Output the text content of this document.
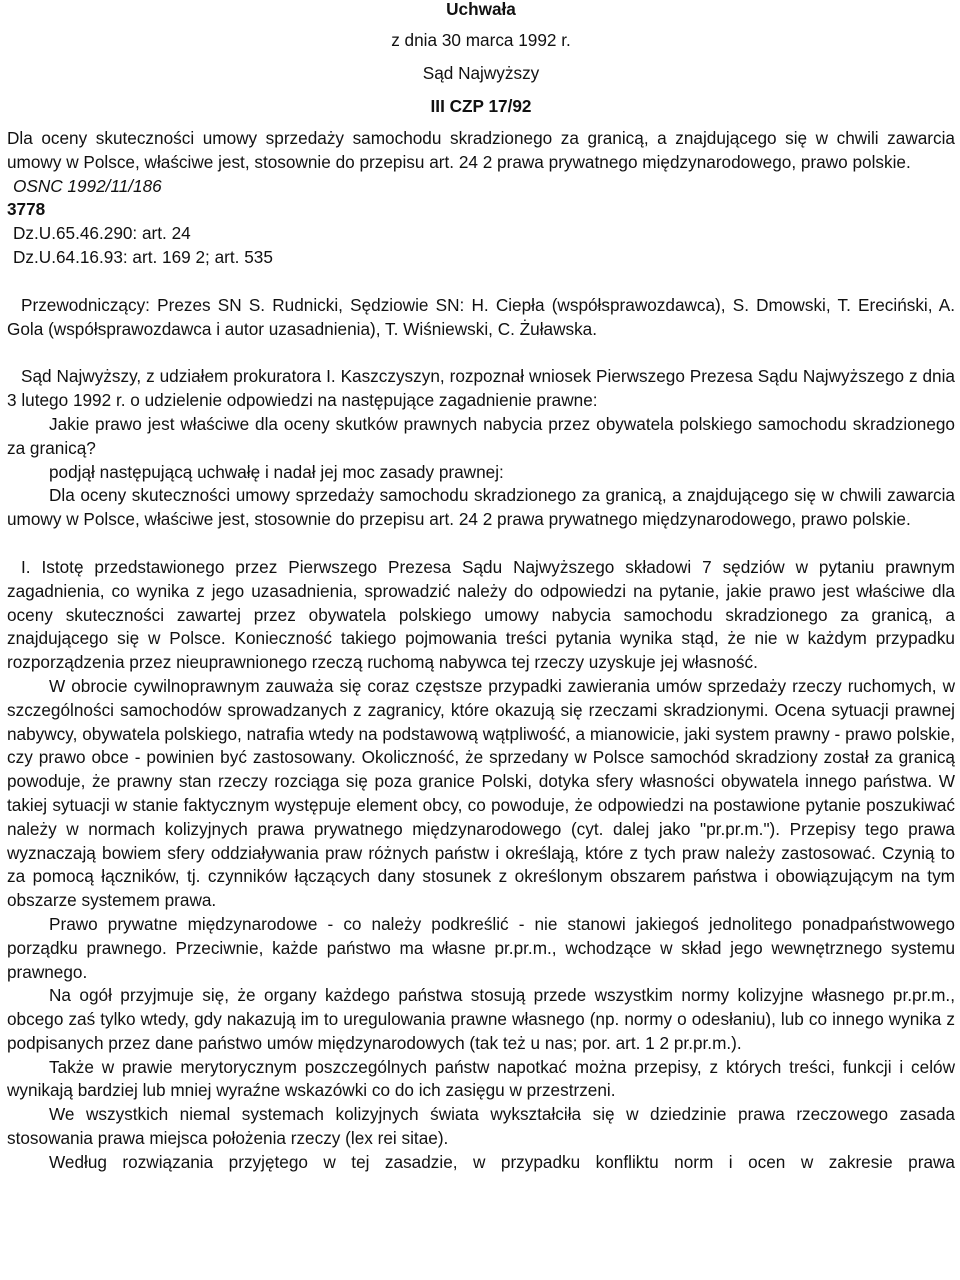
Uchwała
z dnia 30 marca 1992 r.
Sąd Najwyższy
III CZP 17/92

Dla oceny skuteczności umowy sprzedaży samochodu skradzionego za granicą, a znajdującego się w chwili zawarcia umowy w Polsce, właściwe jest, stosownie do przepisu art. 24 2 prawa prywatnego międzynarodowego, prawo polskie.

OSNC 1992/11/186

3778

Dz.U.65.46.290: art. 24

Dz.U.64.16.93: art. 169 2; art. 535

Przewodniczący: Prezes SN S. Rudnicki, Sędziowie SN: H. Ciepła (współsprawozdawca), S. Dmowski, T. Ereciński, A. Gola (współsprawozdawca i autor uzasadnienia), T. Wiśniewski, C. Żuławska.

Sąd Najwyższy, z udziałem prokuratora I. Kaszczyszyn, rozpoznał wniosek Pierwszego Prezesa Sądu Najwyższego z dnia 3 lutego 1992 r. o udzielenie odpowiedzi na następujące zagadnienie prawne:

Jakie prawo jest właściwe dla oceny skutków prawnych nabycia przez obywatela polskiego samochodu skradzionego za granicą?

podjął następującą uchwałę i nadał jej moc zasady prawnej:

Dla oceny skuteczności umowy sprzedaży samochodu skradzionego za granicą, a znajdującego się w chwili zawarcia umowy w Polsce, właściwe jest, stosownie do przepisu art. 24 2 prawa prywatnego międzynarodowego, prawo polskie.

I. Istotę przedstawionego przez Pierwszego Prezesa Sądu Najwyższego składowi 7 sędziów w pytaniu prawnym zagadnienia, co wynika z jego uzasadnienia, sprowadzić należy do odpowiedzi na pytanie, jakie prawo jest właściwe dla oceny skuteczności zawartej przez obywatela polskiego umowy nabycia samochodu skradzionego za granicą, a znajdującego się w Polsce. Konieczność takiego pojmowania treści pytania wynika stąd, że nie w każdym przypadku rozporządzenia przez nieuprawnionego rzeczą ruchomą nabywca tej rzeczy uzyskuje jej własność.

W obrocie cywilnoprawnym zauważa się coraz częstsze przypadki zawierania umów sprzedaży rzeczy ruchomych, w szczególności samochodów sprowadzanych z zagranicy, które okazują się rzeczami skradzionymi. Ocena sytuacji prawnej nabywcy, obywatela polskiego, natrafia wtedy na podstawową wątpliwość, a mianowicie, jaki system prawny - prawo polskie, czy prawo obce - powinien być zastosowany. Okoliczność, że sprzedany w Polsce samochód skradziony został za granicą powoduje, że prawny stan rzeczy rozciąga się poza granice Polski, dotyka sfery własności obywatela innego państwa. W takiej sytuacji w stanie faktycznym występuje element obcy, co powoduje, że odpowiedzi na postawione pytanie poszukiwać należy w normach kolizyjnych prawa prywatnego międzynarodowego (cyt. dalej jako "pr.pr.m."). Przepisy tego prawa wyznaczają bowiem sfery oddziaływania praw różnych państw i określają, które z tych praw należy zastosować. Czynią to za pomocą łączników, tj. czynników łączących dany stosunek z określonym obszarem państwa i obowiązującym na tym obszarze systemem prawa.

Prawo prywatne międzynarodowe - co należy podkreślić - nie stanowi jakiegoś jednolitego ponadpaństwowego porządku prawnego. Przeciwnie, każde państwo ma własne pr.pr.m., wchodzące w skład jego wewnętrznego systemu prawnego.

Na ogół przyjmuje się, że organy każdego państwa stosują przede wszystkim normy kolizyjne własnego pr.pr.m., obcego zaś tylko wtedy, gdy nakazują im to uregulowania prawne własnego (np. normy o odesłaniu), lub co innego wynika z podpisanych przez dane państwo umów międzynarodowych (tak też u nas; por. art. 1 2 pr.pr.m.).

Także w prawie merytorycznym poszczególnych państw napotkać można przepisy, z których treści, funkcji i celów wynikają bardziej lub mniej wyraźne wskazówki co do ich zasięgu w przestrzeni.

We wszystkich niemal systemach kolizyjnych świata wykształciła się w dziedzinie prawa rzeczowego zasada stosowania prawa miejsca położenia rzeczy (lex rei sitae).

Według rozwiązania przyjętego w tej zasadzie, w przypadku konfliktu norm i ocen w zakresie prawa
